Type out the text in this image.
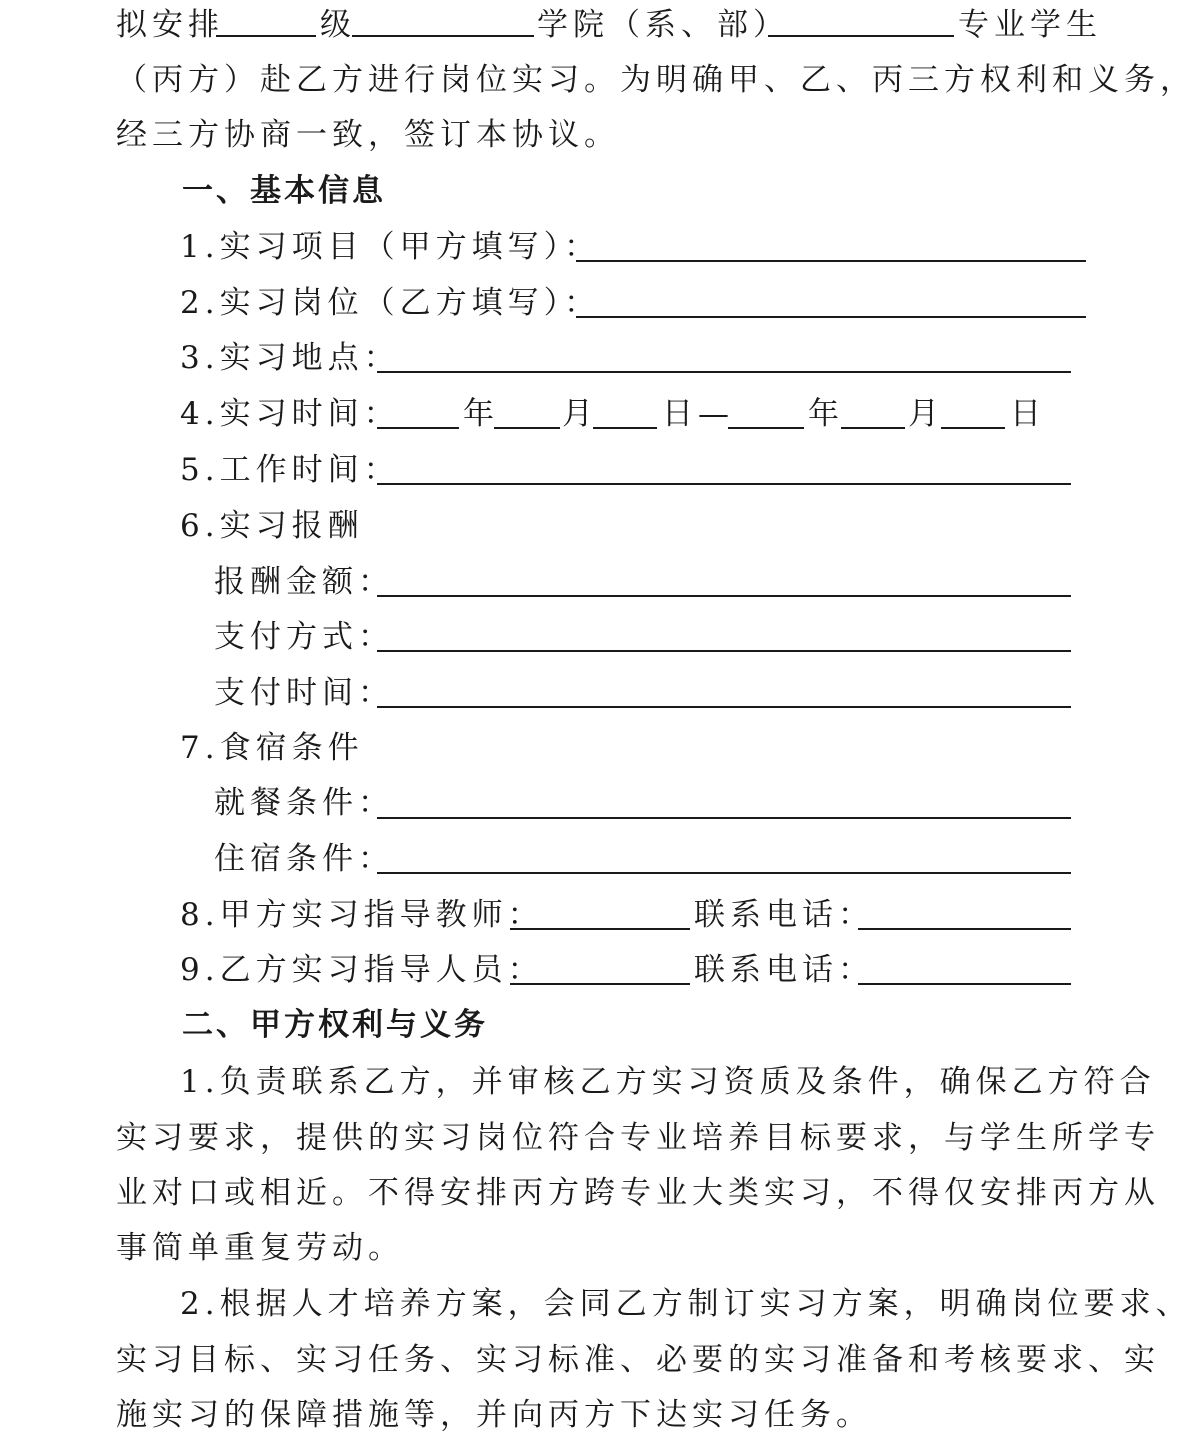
拟安排	级	学院（系、部）	专业学生
（丙方）赴乙方进行岗位实习。为明确甲、乙、丙三方权利和义务，
经三方协商一致，签订本协议。
一、基本信息
1.实习项目（甲方填写）：
2.实习岗位（乙方填写）：
3.实习地点：
4.实习时间： 年 月 日— 年 月 日
5.工作时间：
6.实习报酬
报酬金额：
支付方式：
支付时间：
7.食宿条件
就餐条件：
住宿条件：
8.甲方实习指导教师：	联系电话：
9.乙方实习指导人员：	联系电话：
二、甲方权利与义务
1.负责联系乙方，并审核乙方实习资质及条件，确保乙方符合
实习要求，提供的实习岗位符合专业培养目标要求，与学生所学专
业对口或相近。不得安排丙方跨专业大类实习，不得仅安排丙方从
事简单重复劳动。
2.根据人才培养方案，会同乙方制订实习方案，明确岗位要求、
实习目标、实习任务、实习标准、必要的实习准备和考核要求、实
施实习的保障措施等，并向丙方下达实习任务。
